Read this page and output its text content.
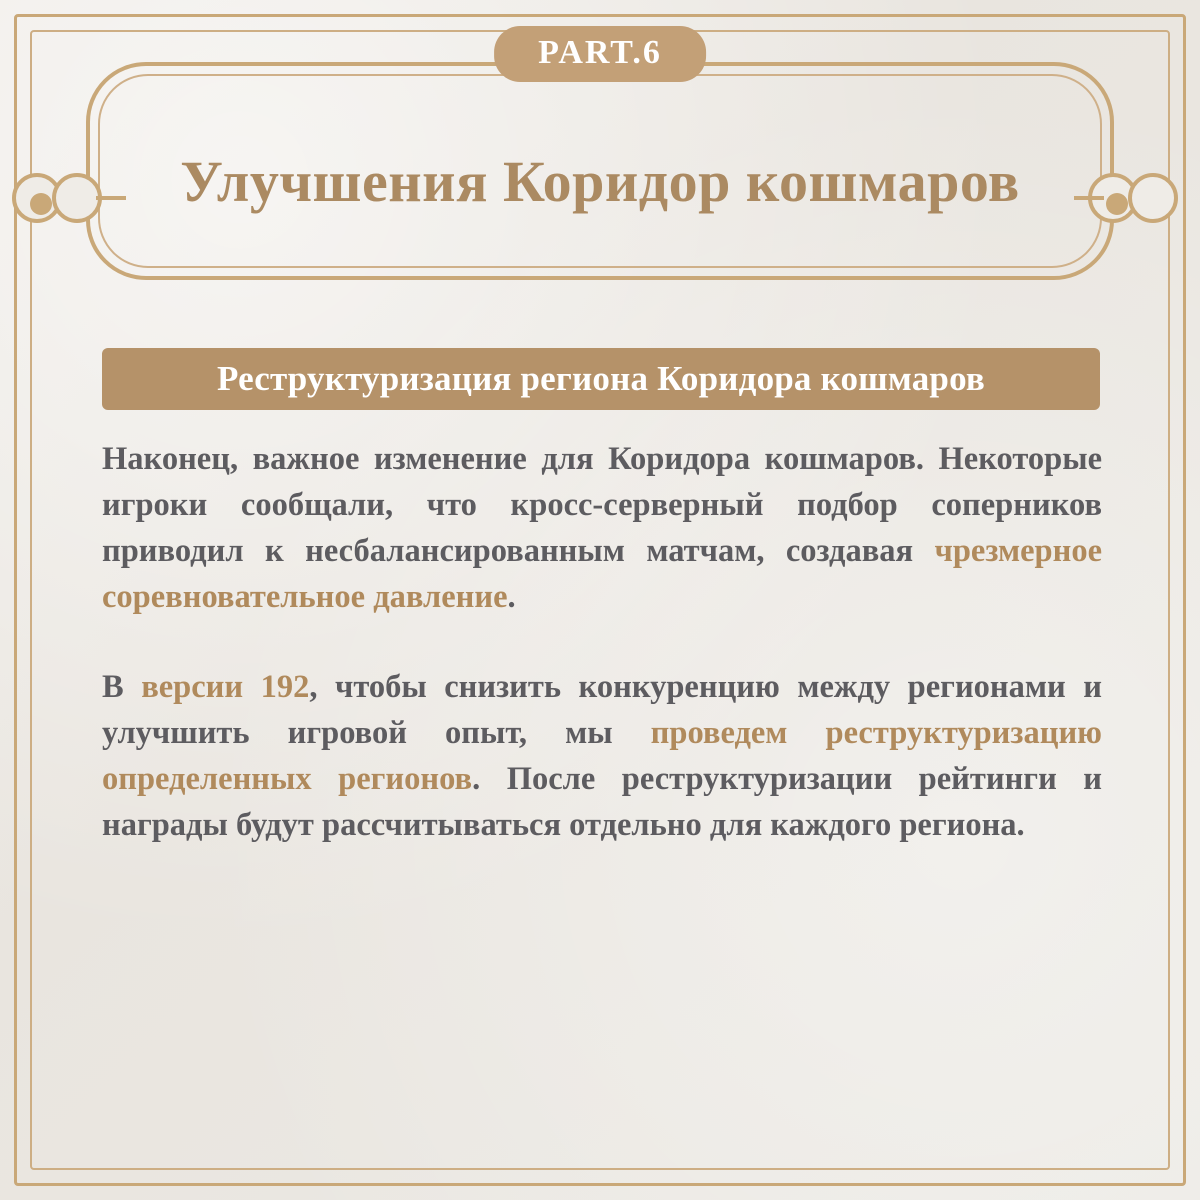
Улучшения Коридор кошмаров
PART.6
Реструктуризация региона Коридора кошмаров

Наконец, важное изменение для Коридора кошмаров. Некоторые игроки сообщали, что кросс-серверный подбор соперников приводил к несбалансированным матчам, создавая чрезмерное соревновательное давление.

В версии 192, чтобы снизить конкуренцию между регионами и улучшить игровой опыт, мы проведем реструктуризацию определенных регионов. После реструктуризации рейтинги и награды будут рассчитываться отдельно для каждого региона.
